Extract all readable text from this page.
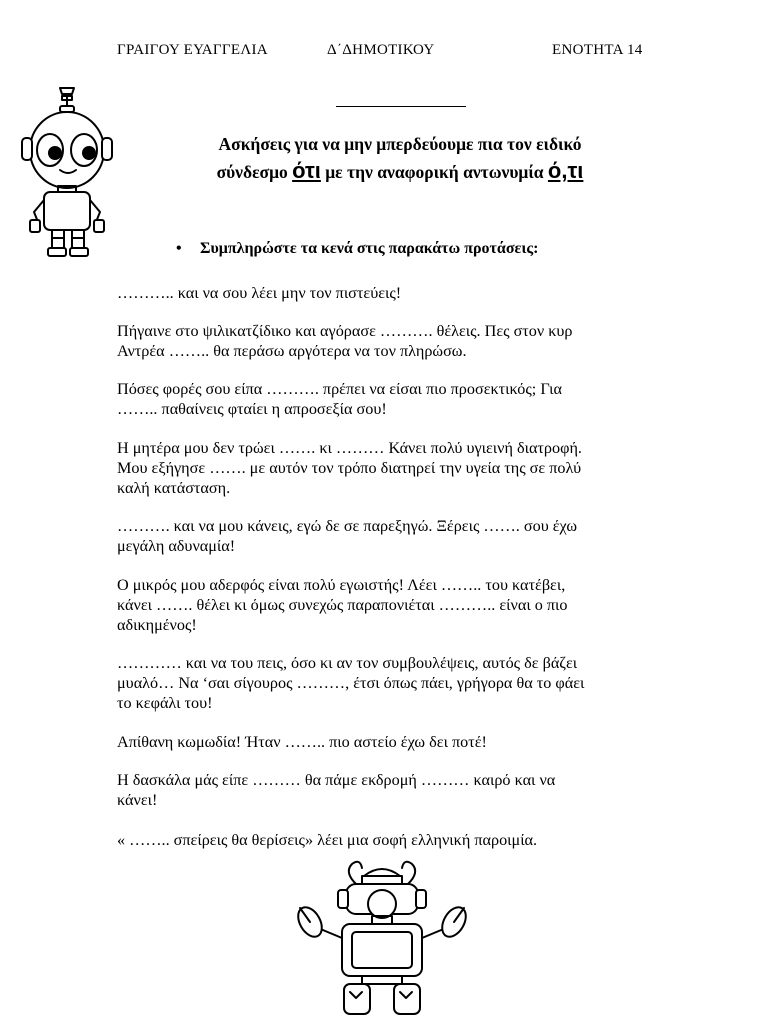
ΓΡΑΙΓΟΥ ΕΥΑΓΓΕΛΙΑ	Δ΄ΔΗΜΟΤΙΚΟΥ	ΕΝΟΤΗΤΑ 14
Ασκήσεις για να μην μπερδεύουμε πια τον ειδικό
σύνδεσμο ότι με την αναφορική αντωνυμία ό,τι
• Συμπληρώστε τα κενά στις παρακάτω προτάσεις:
……….. και να σου λέει μην τον πιστεύεις!
Πήγαινε στο ψιλικατζίδικο και αγόρασε ………. θέλεις. Πες στον κυρ
Αντρέα …….. θα περάσω αργότερα να τον πληρώσω.
Πόσες φορές σου είπα ………. πρέπει να είσαι πιο προσεκτικός; Για
…….. παθαίνεις φταίει η απροσεξία σου!
Η μητέρα μου δεν τρώει ……. κι ……… Κάνει πολύ υγιεινή διατροφή.
Μου εξήγησε ……. με αυτόν τον τρόπο διατηρεί την υγεία της σε πολύ
καλή κατάσταση.
………. και να μου κάνεις, εγώ δε σε παρεξηγώ. Ξέρεις ……. σου έχω
μεγάλη αδυναμία!
Ο μικρός μου αδερφός είναι πολύ εγωιστής! Λέει …….. του κατέβει,
κάνει ……. θέλει κι όμως συνεχώς παραπονιέται ……….. είναι ο πιο
αδικημένος!
………… και να του πεις, όσο κι αν τον συμβουλέψεις, αυτός δε βάζει
μυαλό… Να ‘σαι σίγουρος ………, έτσι όπως πάει, γρήγορα θα το φάει
το κεφάλι του!
Απίθανη κωμωδία! Ήταν …….. πιο αστείο έχω δει ποτέ!
Η δασκάλα μάς είπε ……… θα πάμε εκδρομή ……… καιρό και να
κάνει!
« …….. σπείρεις θα θερίσεις» λέει μια σοφή ελληνική παροιμία.
